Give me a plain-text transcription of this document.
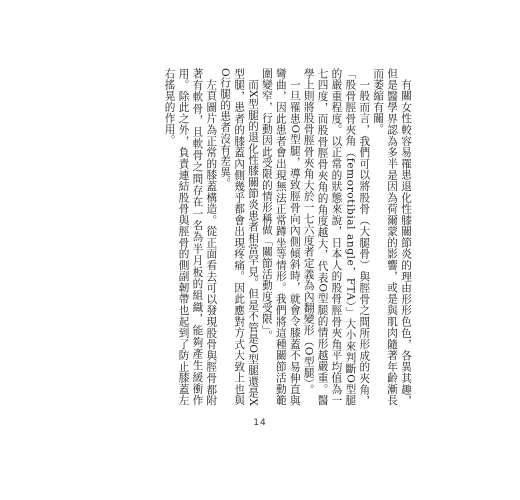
有關女性較容易罹患退化性膝關節炎的理由形形色色，各異其趣，但是醫學界認為多半是因為荷爾蒙的影響，或是與肌肉隨著年齡漸長而萎縮有關。

一般而言，我們可以將股骨（大腿骨）與脛骨之間所形成的夾角，「股骨脛骨夾角（femorotibial angle，FTA）」大小來判斷O型腿的嚴重程度。以正常的狀態來說，日本人的股骨脛骨夾角平均值為一七四度，而股骨脛骨夾角的角度越大，代表O型腿的情形越嚴重。醫學上則將股骨脛骨夾角大於一七六度者定義為內翻變形（O型腿）。

一旦罹患O型腿，導致脛骨向內側傾斜時，就會令膝蓋不易伸直與彎曲，因此患者會出現無法正常蹲坐等情形。我們將這種關節活動範圍變窄，行動因此受限的情形稱做「關節活動度受限」。

而X型腿的退化性膝關節炎患者相當罕見。但是不管是O型腿還是X型腿，患者的膝蓋內側幾乎都會出現疼痛。因此應對方式大致上也與O行腿的患者沒有差異。

左頁圖片為正常的膝蓋構造。從正面看去可以發現股骨與脛骨都附著有軟骨，且軟骨之間存在一名為半月板的組織，能夠產生緩衝作用。除此之外，負責連結股骨與脛骨的側副韌帶也起到了防止膝蓋左右搖晃的作用。

14
